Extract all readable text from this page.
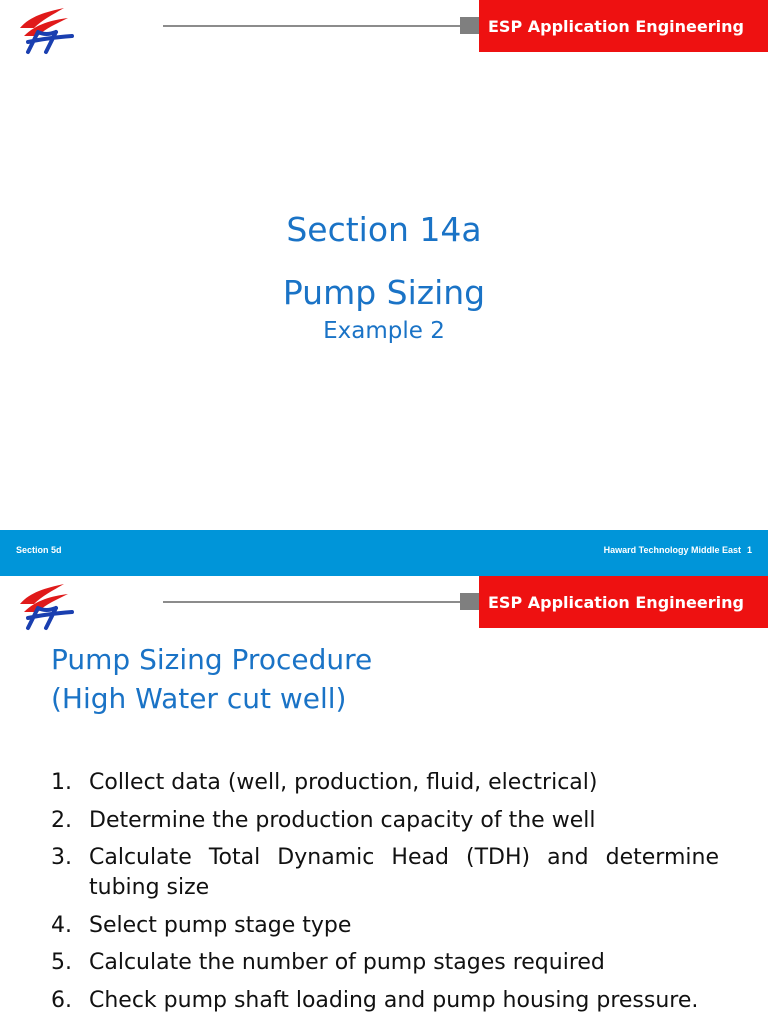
ESP Application Engineering
Section 14a
Pump Sizing
Example 2
Section 5d	Haward Technology Middle East 1
ESP Application Engineering
Pump Sizing Procedure
(High Water cut well)
1. Collect data (well, production, fluid, electrical)
2. Determine the production capacity of the well
3. Calculate Total Dynamic Head (TDH) and determine tubing size
4. Select pump stage type
5. Calculate the number of pump stages required
6. Check pump shaft loading and pump housing pressure.
